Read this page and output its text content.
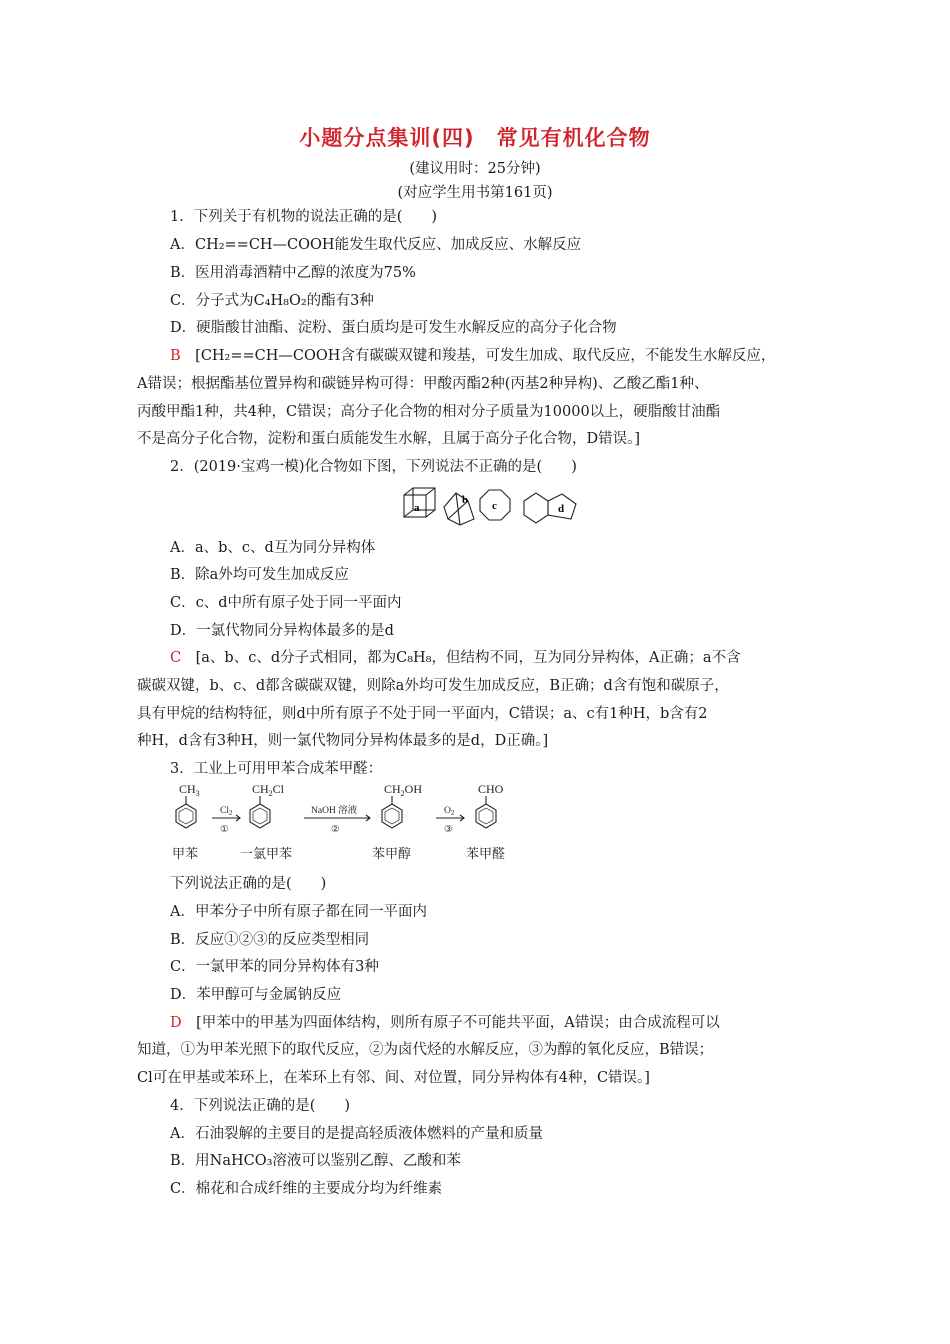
小题分点集训(四)　常见有机化合物
(建议用时：25分钟)
(对应学生用书第161页)
1．下列关于有机物的说法正确的是(　　)
A．CH₂==CH—COOH能发生取代反应、加成反应、水解反应
B．医用消毒酒精中乙醇的浓度为75%
C．分子式为C₄H₈O₂的酯有3种
D．硬脂酸甘油酯、淀粉、蛋白质均是可发生水解反应的高分子化合物
B　 [CH₂==CH—COOH含有碳碳双键和羧基，可发生加成、取代反应，不能发生水解反应，
A错误；根据酯基位置异构和碳链异构可得：甲酸丙酯2种(丙基2种异构)、乙酸乙酯1种、
丙酸甲酯1种，共4种，C错误；高分子化合物的相对分子质量为10000以上，硬脂酸甘油酯
不是高分子化合物，淀粉和蛋白质能发生水解，且属于高分子化合物，D错误。]
2．(2019·宝鸡一模)化合物如下图，下列说法不正确的是(　　)
a
b c	d
A．a、b、c、d互为同分异构体
B．除a外均可发生加成反应
C．c、d中所有原子处于同一平面内
D．一氯代物同分异构体最多的是d
C　 [a、b、c、d分子式相同，都为C₈H₈，但结构不同，互为同分异构体，A正确；a不含
碳碳双键，b、c、d都含碳碳双键，则除a外均可发生加成反应，B正确；d含有饱和碳原子，
具有甲烷的结构特征，则d中所有原子不处于同一平面内，C错误；a、c有1种H，b含有2
种H，d含有3种H，则一氯代物同分异构体最多的是d，D正确。]
3．工业上可用甲苯合成苯甲醛：
$CH_3$	$CH_2Cl$	$CH_2OH$	CHO
$Cl_2$
①
NaOH 溶液
②
$O_2$
③
甲苯	一氯甲苯	苯甲醇	苯甲醛
下列说法正确的是(　　)
A．甲苯分子中所有原子都在同一平面内
B．反应①②③的反应类型相同
C．一氯甲苯的同分异构体有3种
D．苯甲醇可与金属钠反应
D　 [甲苯中的甲基为四面体结构，则所有原子不可能共平面，A错误；由合成流程可以
知道，①为甲苯光照下的取代反应，②为卤代烃的水解反应，③为醇的氧化反应，B错误；
Cl可在甲基或苯环上，在苯环上有邻、间、对位置，同分异构体有4种，C错误。]
4．下列说法正确的是(　　)
A．石油裂解的主要目的是提高轻质液体燃料的产量和质量
B．用NaHCO₃溶液可以鉴别乙醇、乙酸和苯
C．棉花和合成纤维的主要成分均为纤维素
